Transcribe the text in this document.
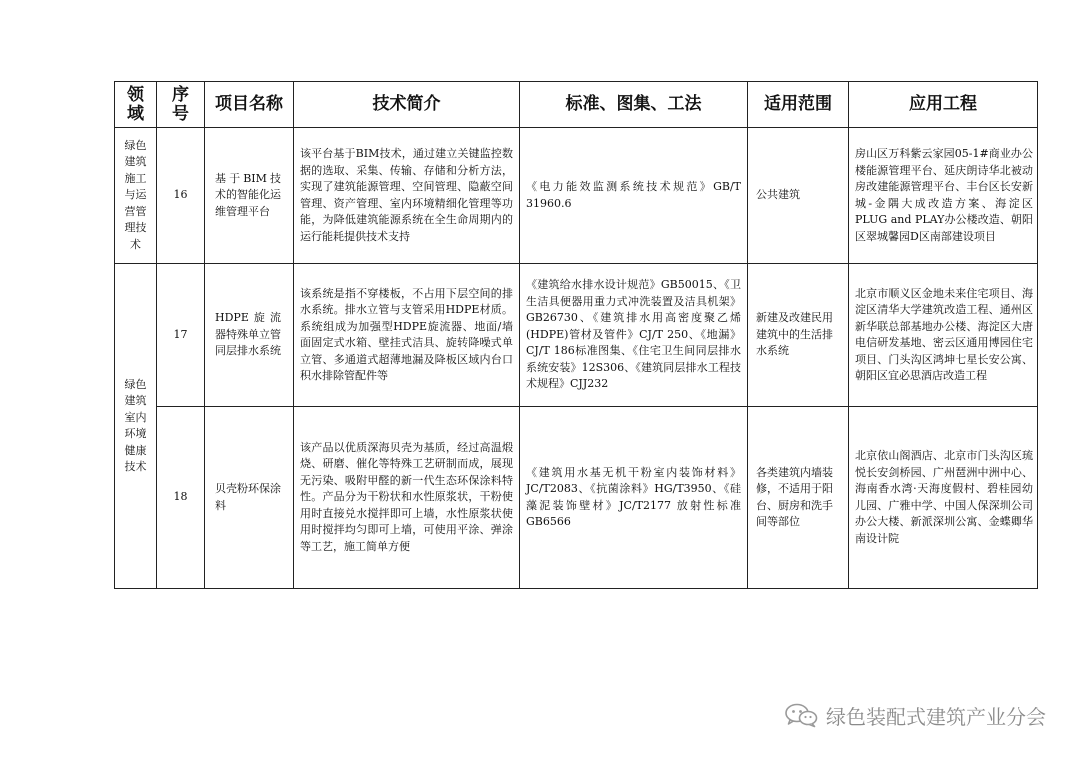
领域	序号	项目名称	技术简介	标准、图集、工法	适用范围	应用工程
绿色建筑施工与运营管理技术	16	基于BIM技术的智能化运维管理平台	该平台基于BIM技术，通过建立关键监控数据的选取、采集、传输、存储和分析方法，实现了建筑能源管理、空间管理、隐蔽空间管理、资产管理、室内环境精细化管理等功能，为降低建筑能源系统在全生命周期内的运行能耗提供技术支持	《电力能效监测系统技术规范》GB/T 31960.6	公共建筑	房山区万科紫云家园05-1#商业办公楼能源管理平台、延庆朗诗华北被动房改建能源管理平台、丰台区长安新城-金隅大成改造方案、海淀区PLUG and PLAY办公楼改造、朝阳区翠城馨园D区南部建设项目
绿色建筑室内环境健康技术	17	HDPE旋流器特殊单立管同层排水系统	该系统是指不穿楼板，不占用下层空间的排水系统。排水立管与支管采用HDPE材质。系统组成为加强型HDPE旋流器、地面/墙面固定式水箱、壁挂式洁具、旋转降噪式单立管、多通道式超薄地漏及降板区域内台口积水排除管配件等	《建筑给水排水设计规范》GB50015、《卫生洁具便器用重力式冲洗装置及洁具机架》GB26730、《建筑排水用高密度聚乙烯(HDPE)管材及管件》CJ/T 250、《地漏》CJ/T 186标准图集、《住宅卫生间同层排水系统安装》12S306、《建筑同层排水工程技术规程》CJJ232	新建及改建民用建筑中的生活排水系统	北京市顺义区金地未来住宅项目、海淀区清华大学建筑改造工程、通州区新华联总部基地办公楼、海淀区大唐电信研发基地、密云区通用博园住宅项目、门头沟区鸿坤七星长安公寓、朝阳区宜必思酒店改造工程
	18	贝壳粉环保涂料	该产品以优质深海贝壳为基质，经过高温煅烧、研磨、催化等特殊工艺研制而成，展现无污染、吸附甲醛的新一代生态环保涂料特性。产品分为干粉状和水性原浆状，干粉使用时直接兑水搅拌即可上墙，水性原浆状使用时搅拌均匀即可上墙，可使用平涂、弹涂等工艺，施工简单方便	《建筑用水基无机干粉室内装饰材料》JC/T2083、《抗菌涂料》HG/T3950、《硅藻泥装饰壁材》JC/T2177 放射性标准GB6566	各类建筑内墙装修，不适用于阳台、厨房和洗手间等部位	北京依山阁酒店、北京市门头沟区琉悦长安剑桥园、广州琶洲中洲中心、海南香水湾·天海度假村、碧桂园幼儿园、广雅中学、中国人保深圳公司办公大楼、新派深圳公寓、金蝶卿华南设计院
绿色装配式建筑产业分会
